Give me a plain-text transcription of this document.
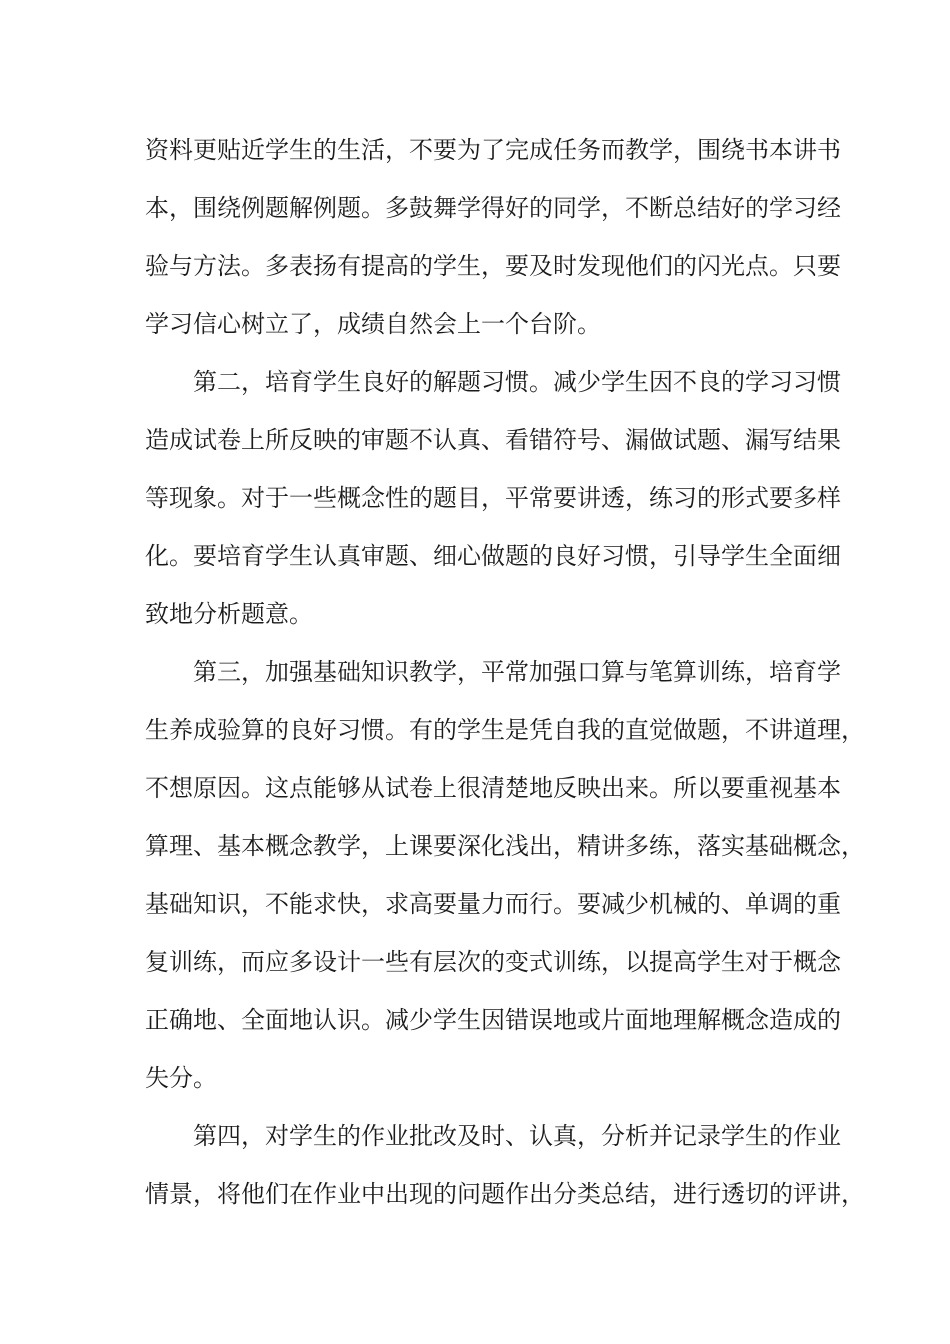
资料更贴近学生的生活，不要为了完成任务而教学，围绕书本讲书
本，围绕例题解例题。多鼓舞学得好的同学，不断总结好的学习经
验与方法。多表扬有提高的学生，要及时发现他们的闪光点。只要
学习信心树立了，成绩自然会上一个台阶。
第二，培育学生良好的解题习惯。减少学生因不良的学习习惯
造成试卷上所反映的审题不认真、看错符号、漏做试题、漏写结果
等现象。对于一些概念性的题目，平常要讲透，练习的形式要多样
化。要培育学生认真审题、细心做题的良好习惯，引导学生全面细
致地分析题意。
第三，加强基础知识教学，平常加强口算与笔算训练，培育学
生养成验算的良好习惯。有的学生是凭自我的直觉做题，不讲道理，
不想原因。这点能够从试卷上很清楚地反映出来。所以要重视基本
算理、基本概念教学，上课要深化浅出，精讲多练，落实基础概念，
基础知识，不能求快，求高要量力而行。要减少机械的、单调的重
复训练，而应多设计一些有层次的变式训练，以提高学生对于概念
正确地、全面地认识。减少学生因错误地或片面地理解概念造成的
失分。
第四，对学生的作业批改及时、认真，分析并记录学生的作业
情景，将他们在作业中出现的问题作出分类总结，进行透切的评讲，
